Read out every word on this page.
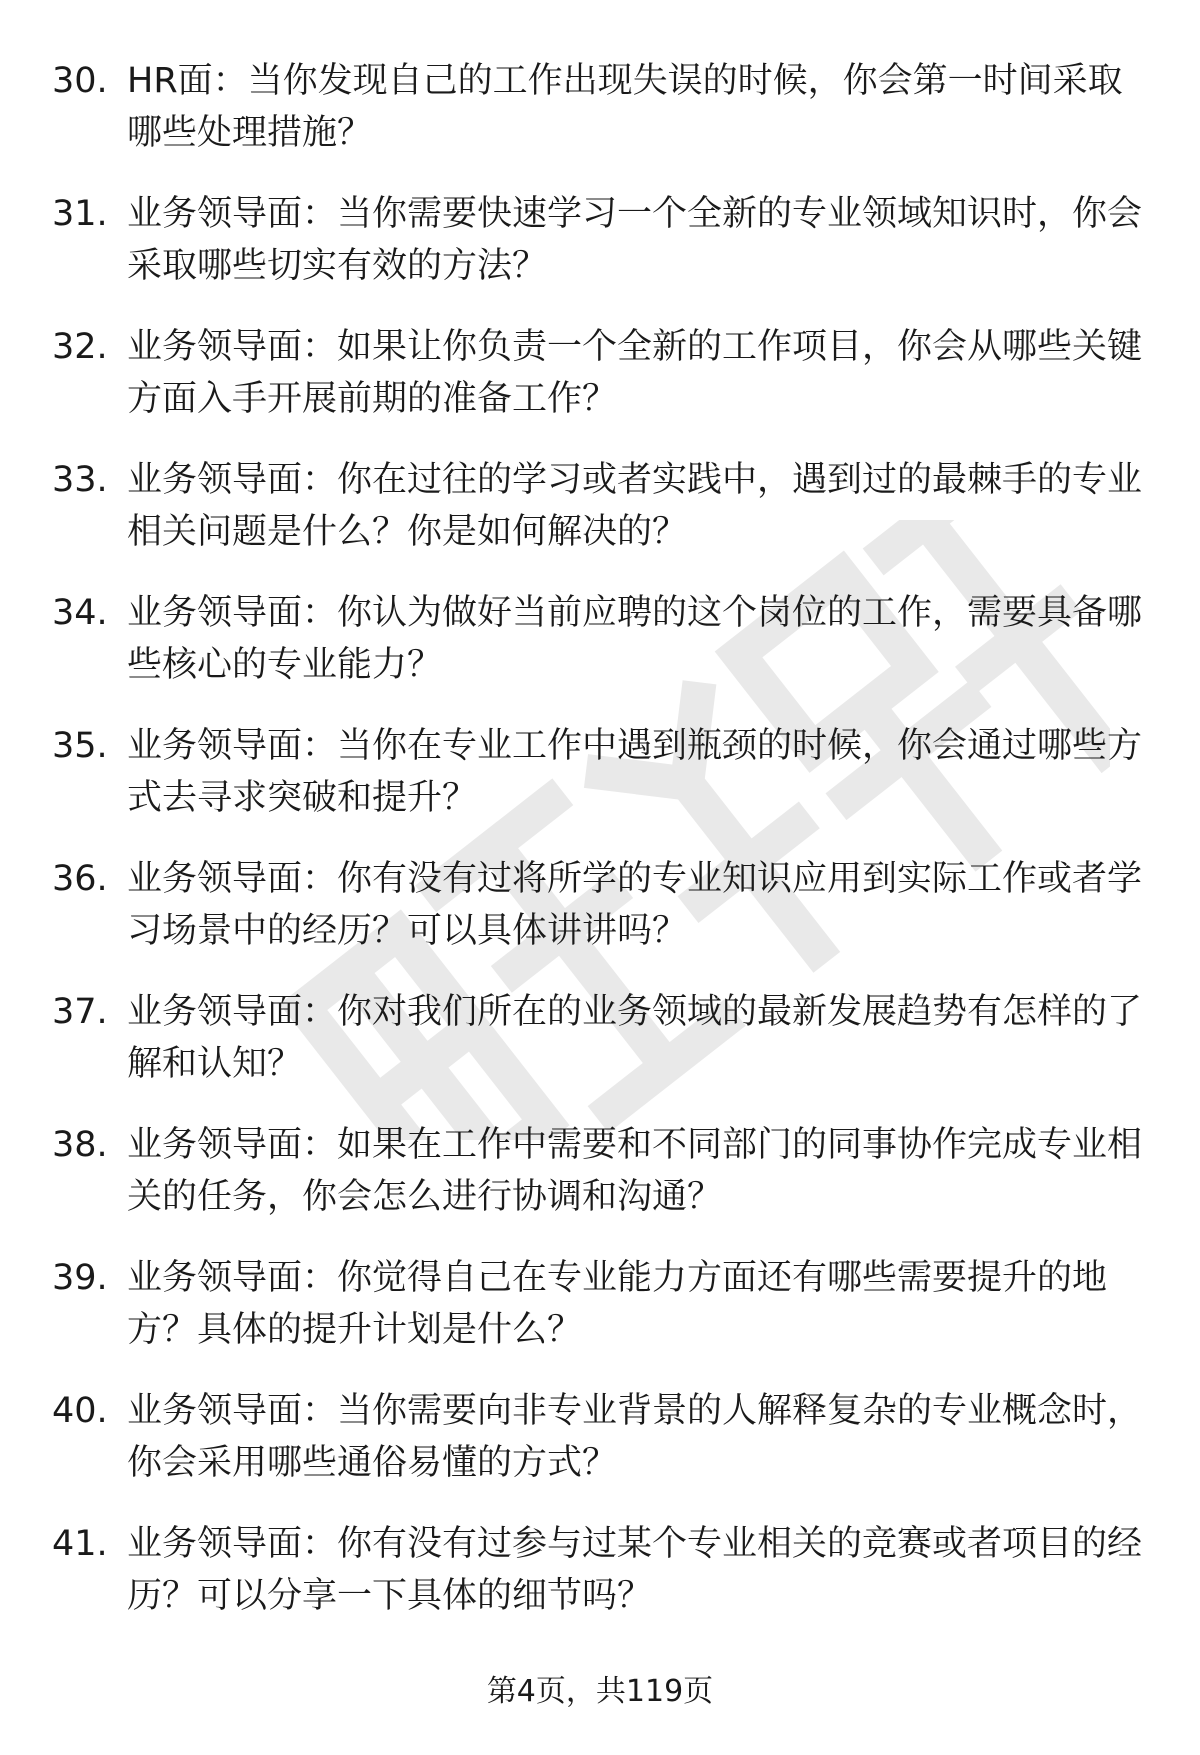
30. HR面：当你发现自己的工作出现失误的时候，你会第一时间采取哪些处理措施？
31. 业务领导面：当你需要快速学习一个全新的专业领域知识时，你会采取哪些切实有效的方法？
32. 业务领导面：如果让你负责一个全新的工作项目，你会从哪些关键方面入手开展前期的准备工作？
33. 业务领导面：你在过往的学习或者实践中，遇到过的最棘手的专业相关问题是什么？你是如何解决的？
34. 业务领导面：你认为做好当前应聘的这个岗位的工作，需要具备哪些核心的专业能力？
35. 业务领导面：当你在专业工作中遇到瓶颈的时候，你会通过哪些方式去寻求突破和提升？
36. 业务领导面：你有没有过将所学的专业知识应用到实际工作或者学习场景中的经历？可以具体讲讲吗？
37. 业务领导面：你对我们所在的业务领域的最新发展趋势有怎样的了解和认知？
38. 业务领导面：如果在工作中需要和不同部门的同事协作完成专业相关的任务，你会怎么进行协调和沟通？
39. 业务领导面：你觉得自己在专业能力方面还有哪些需要提升的地方？具体的提升计划是什么？
40. 业务领导面：当你需要向非专业背景的人解释复杂的专业概念时，你会采用哪些通俗易懂的方式？
41. 业务领导面：你有没有过参与过某个专业相关的竞赛或者项目的经历？可以分享一下具体的细节吗？
第4页，共119页
